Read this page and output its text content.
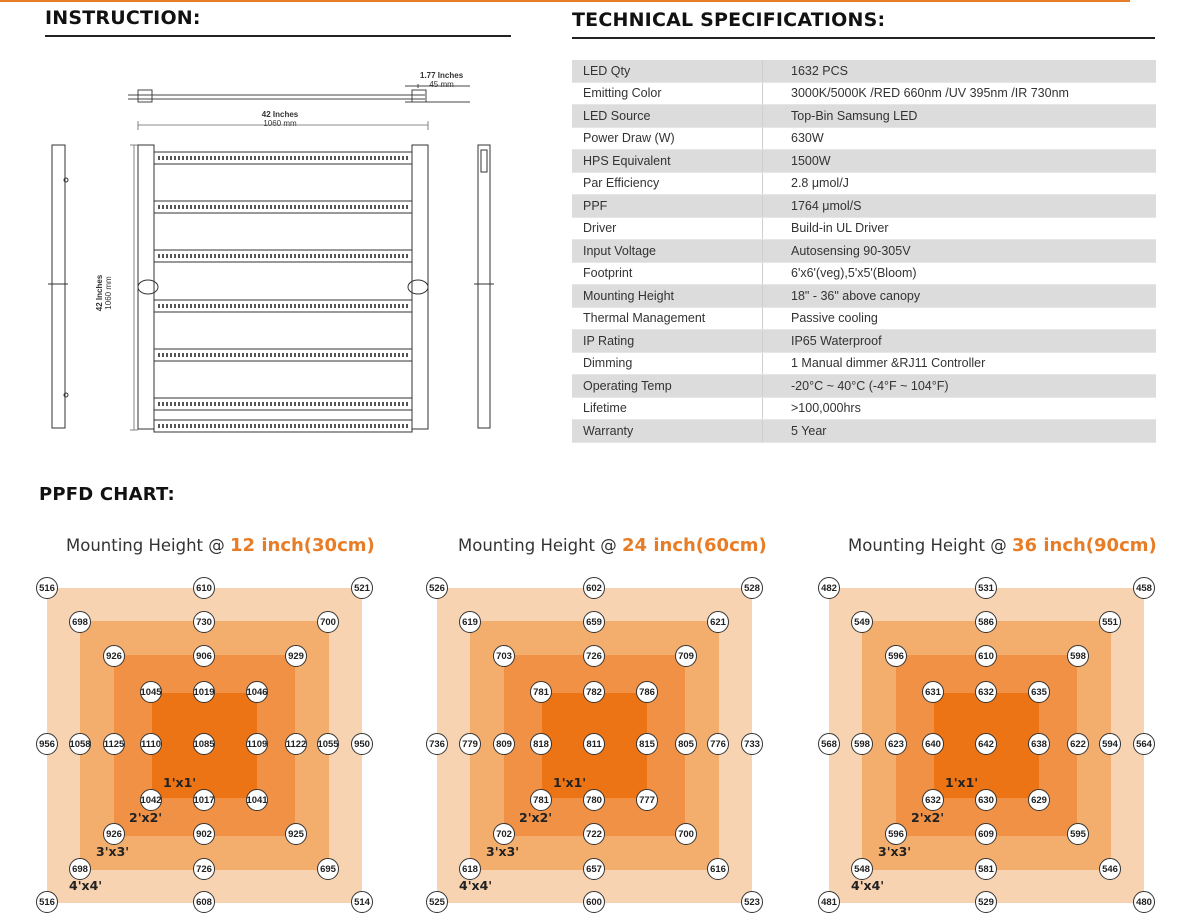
INSTRUCTION:
1.77 Inches
45 mm
42 Inches
1060 mm
42 Inches
1060 mm
TECHNICAL SPECIFICATIONS:
LED Qty	1632 PCS
Emitting Color	3000K/5000K /RED 660nm /UV 395nm /IR 730nm
LED Source	Top-Bin Samsung LED
Power Draw (W)	630W
HPS Equivalent	1500W
Par Efficiency	2.8 μmol/J
PPF	1764 μmol/S
Driver	Build-in UL Driver
Input Voltage	Autosensing 90-305V
Footprint	6'x6'(veg),5'x5'(Bloom)
Mounting Height	18" - 36" above canopy
Thermal Management	Passive cooling
IP Rating	IP65 Waterproof
Dimming	1 Manual dimmer &RJ11 Controller
Operating Temp	-20°C ~ 40°C (-4°F ~ 104°F)
Lifetime	>100,000hrs
Warranty	5 Year
PPFD CHART:
Mounting Height @ 12 inch(30cm)
516	610	521
698	730	700
926	906	929
1045	1019	1046
956	1058 1125 1110	1085	1109 1122 1055	950
1042	1017	1041
926	902	925
698	726	695
516	608	514
1'x1'
2'x2'
3'x3'
4'x4'
Mounting Height @ 24 inch(60cm)
526	602	528
619	659	621
703	726	709
781	782	786
736	779	809	818	811	815	805	776	733
781	780	777
702	722	700
618	657	616
525	600	523
1'x1'
2'x2'
3'x3'
4'x4'
Mounting Height @ 36 inch(90cm)
482	531	458
549	586	551
596	610	598
631	632	635
568	598	623	640	642	638	622	594	564
632	630	629
596	609	595
548	581	546
481	529	480
1'x1'
2'x2'
3'x3'
4'x4'
